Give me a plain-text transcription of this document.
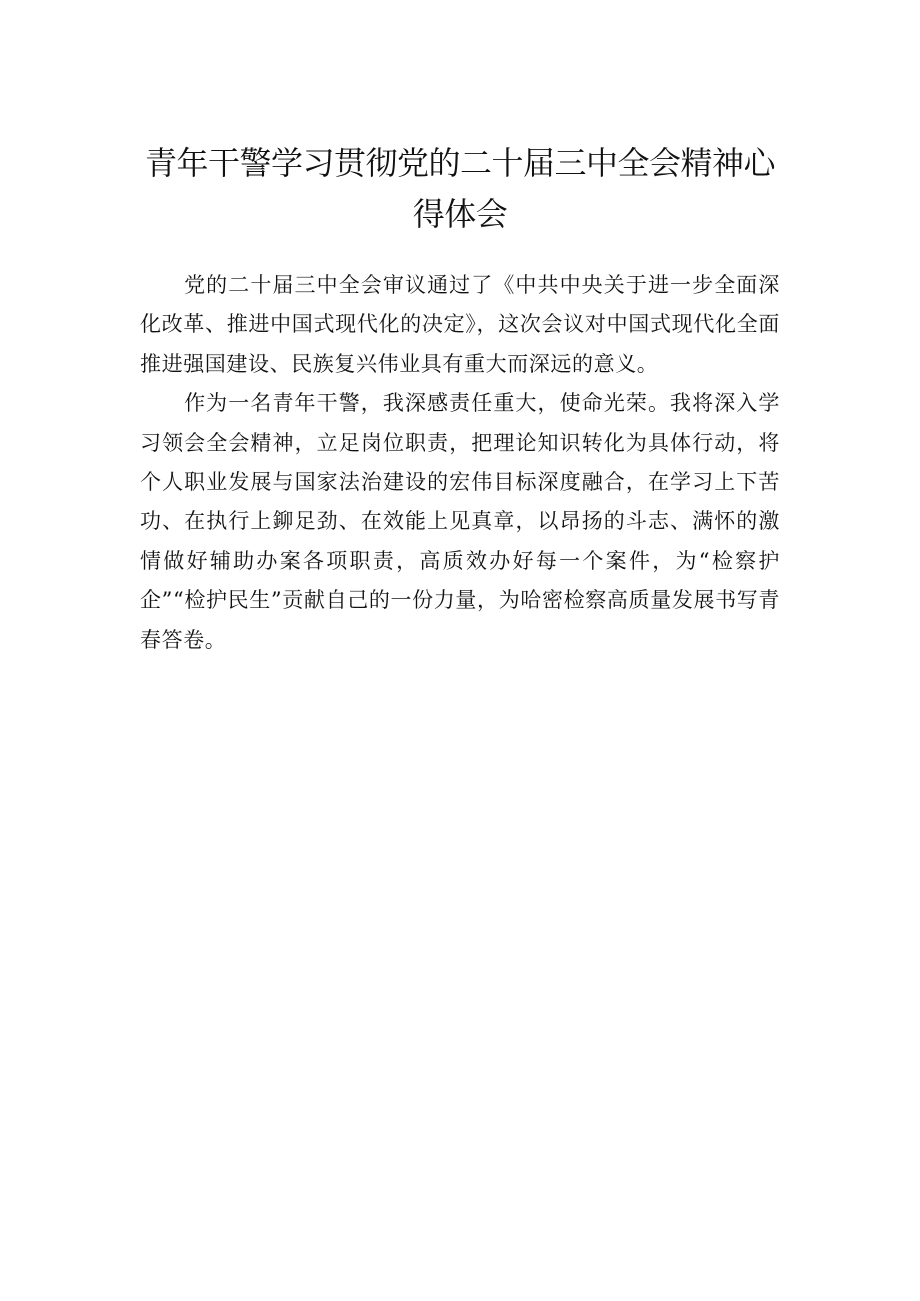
青年干警学习贯彻党的二十届三中全会精神心得体会

党的二十届三中全会审议通过了《中共中央关于进一步全面深化改革、推进中国式现代化的决定》，这次会议对中国式现代化全面推进强国建设、民族复兴伟业具有重大而深远的意义。

作为一名青年干警，我深感责任重大，使命光荣。我将深入学习领会全会精神，立足岗位职责，把理论知识转化为具体行动，将个人职业发展与国家法治建设的宏伟目标深度融合，在学习上下苦功、在执行上鉚足劲、在效能上见真章，以昂扬的斗志、满怀的激情做好辅助办案各项职责，高质效办好每一个案件，为“检察护企”“检护民生”贡献自己的一份力量，为哈密检察高质量发展书写青春答卷。
